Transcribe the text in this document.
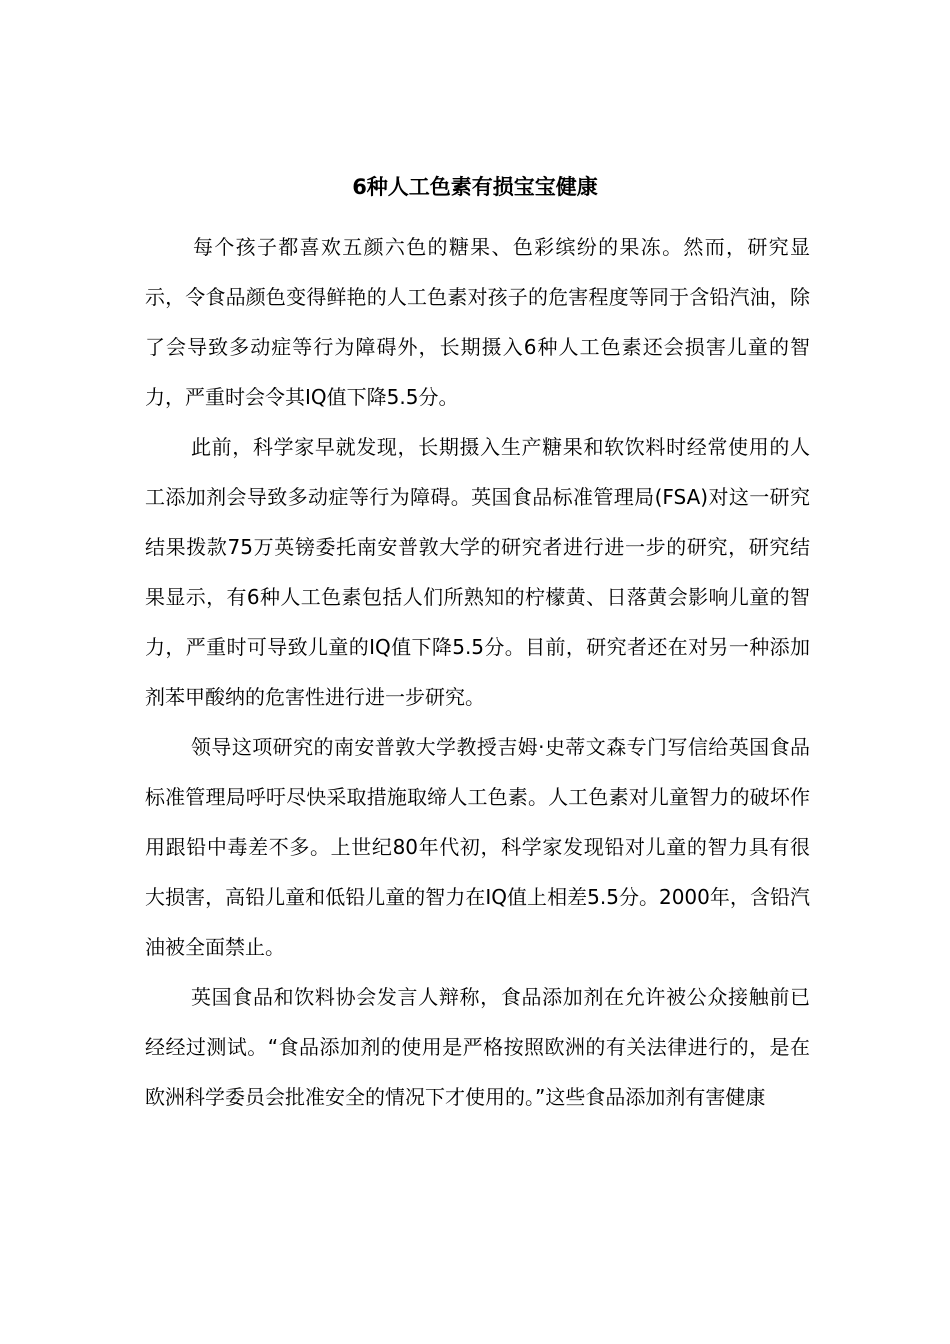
6种人工色素有损宝宝健康

每个孩子都喜欢五颜六色的糖果、色彩缤纷的果冻。然而，研究显示，令食品颜色变得鲜艳的人工色素对孩子的危害程度等同于含铅汽油，除了会导致多动症等行为障碍外，长期摄入6种人工色素还会损害儿童的智力，严重时会令其IQ值下降5.5分。

此前，科学家早就发现，长期摄入生产糖果和软饮料时经常使用的人工添加剂会导致多动症等行为障碍。英国食品标准管理局(FSA)对这一研究结果拨款75万英镑委托南安普敦大学的研究者进行进一步的研究，研究结果显示，有6种人工色素包括人们所熟知的柠檬黄、日落黄会影响儿童的智力，严重时可导致儿童的IQ值下降5.5分。目前，研究者还在对另一种添加剂苯甲酸纳的危害性进行进一步研究。

领导这项研究的南安普敦大学教授吉姆·史蒂文森专门写信给英国食品标准管理局呼吁尽快采取措施取缔人工色素。人工色素对儿童智力的破坏作用跟铅中毒差不多。上世纪80年代初，科学家发现铅对儿童的智力具有很大损害，高铅儿童和低铅儿童的智力在IQ值上相差5.5分。2000年，含铅汽油被全面禁止。

英国食品和饮料协会发言人辩称，食品添加剂在允许被公众接触前已经经过测试。“食品添加剂的使用是严格按照欧洲的有关法律进行的，是在欧洲科学委员会批准安全的情况下才使用的。”这些食品添加剂有害健康
